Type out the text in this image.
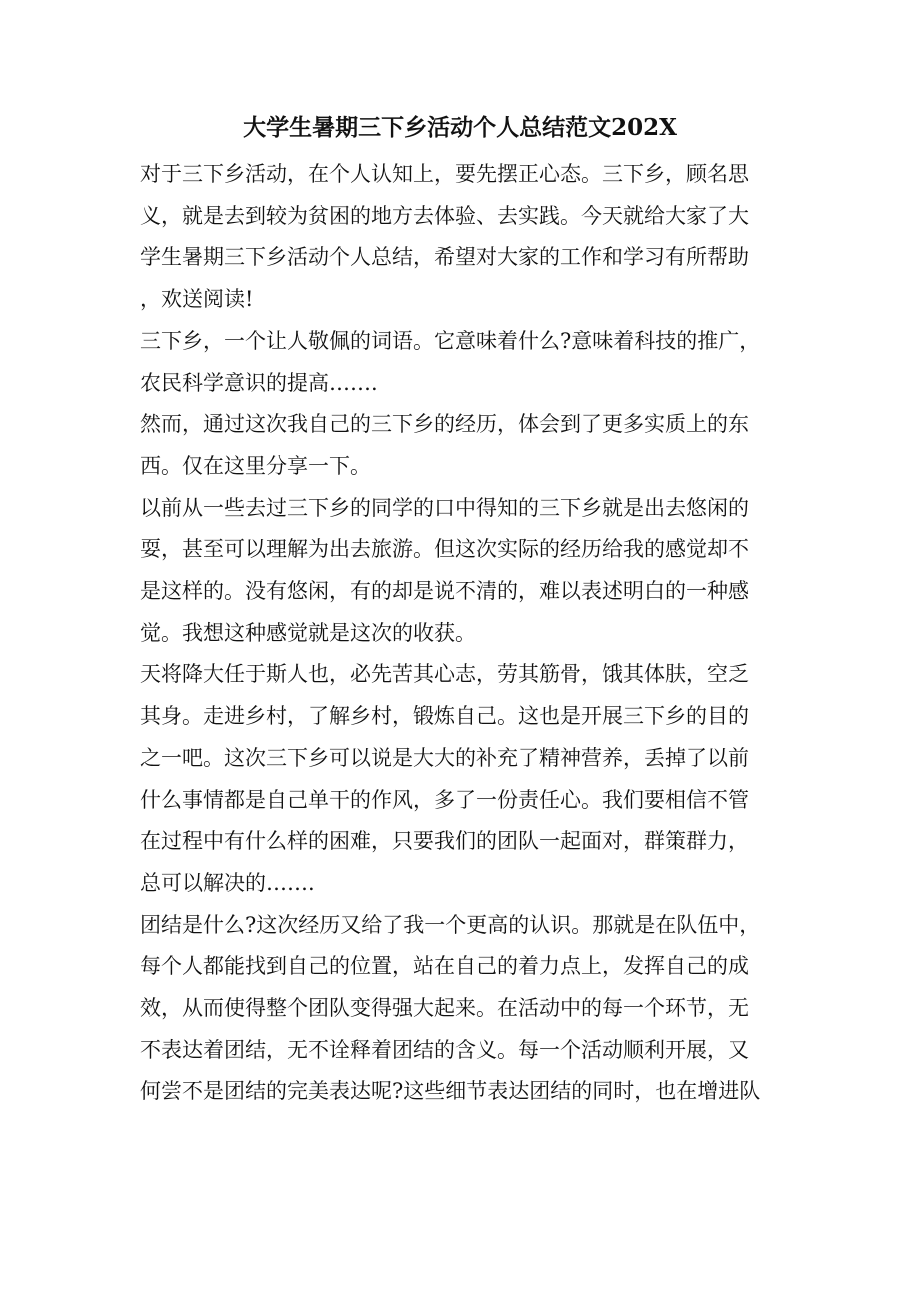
大学生暑期三下乡活动个人总结范文202X

对于三下乡活动，在个人认知上，要先摆正心态。三下乡，顾名思
义，就是去到较为贫困的地方去体验、去实践。今天就给大家了大
学生暑期三下乡活动个人总结，希望对大家的工作和学习有所帮助
，欢送阅读!

三下乡，一个让人敬佩的词语。它意味着什么?意味着科技的推广，
农民科学意识的提高…….

然而，通过这次我自己的三下乡的经历，体会到了更多实质上的东
西。仅在这里分享一下。

以前从一些去过三下乡的同学的口中得知的三下乡就是出去悠闲的
耍，甚至可以理解为出去旅游。但这次实际的经历给我的感觉却不
是这样的。没有悠闲，有的却是说不清的，难以表述明白的一种感
觉。我想这种感觉就是这次的收获。

天将降大任于斯人也，必先苦其心志，劳其筋骨，饿其体肤，空乏
其身。走进乡村，了解乡村，锻炼自己。这也是开展三下乡的目的
之一吧。这次三下乡可以说是大大的补充了精神营养，丢掉了以前
什么事情都是自己单干的作风，多了一份责任心。我们要相信不管
在过程中有什么样的困难，只要我们的团队一起面对，群策群力，
总可以解决的…….

团结是什么?这次经历又给了我一个更高的认识。那就是在队伍中，
每个人都能找到自己的位置，站在自己的着力点上，发挥自己的成
效，从而使得整个团队变得强大起来。在活动中的每一个环节，无
不表达着团结，无不诠释着团结的含义。每一个活动顺利开展，又
何尝不是团结的完美表达呢?这些细节表达团结的同时，也在增进队
